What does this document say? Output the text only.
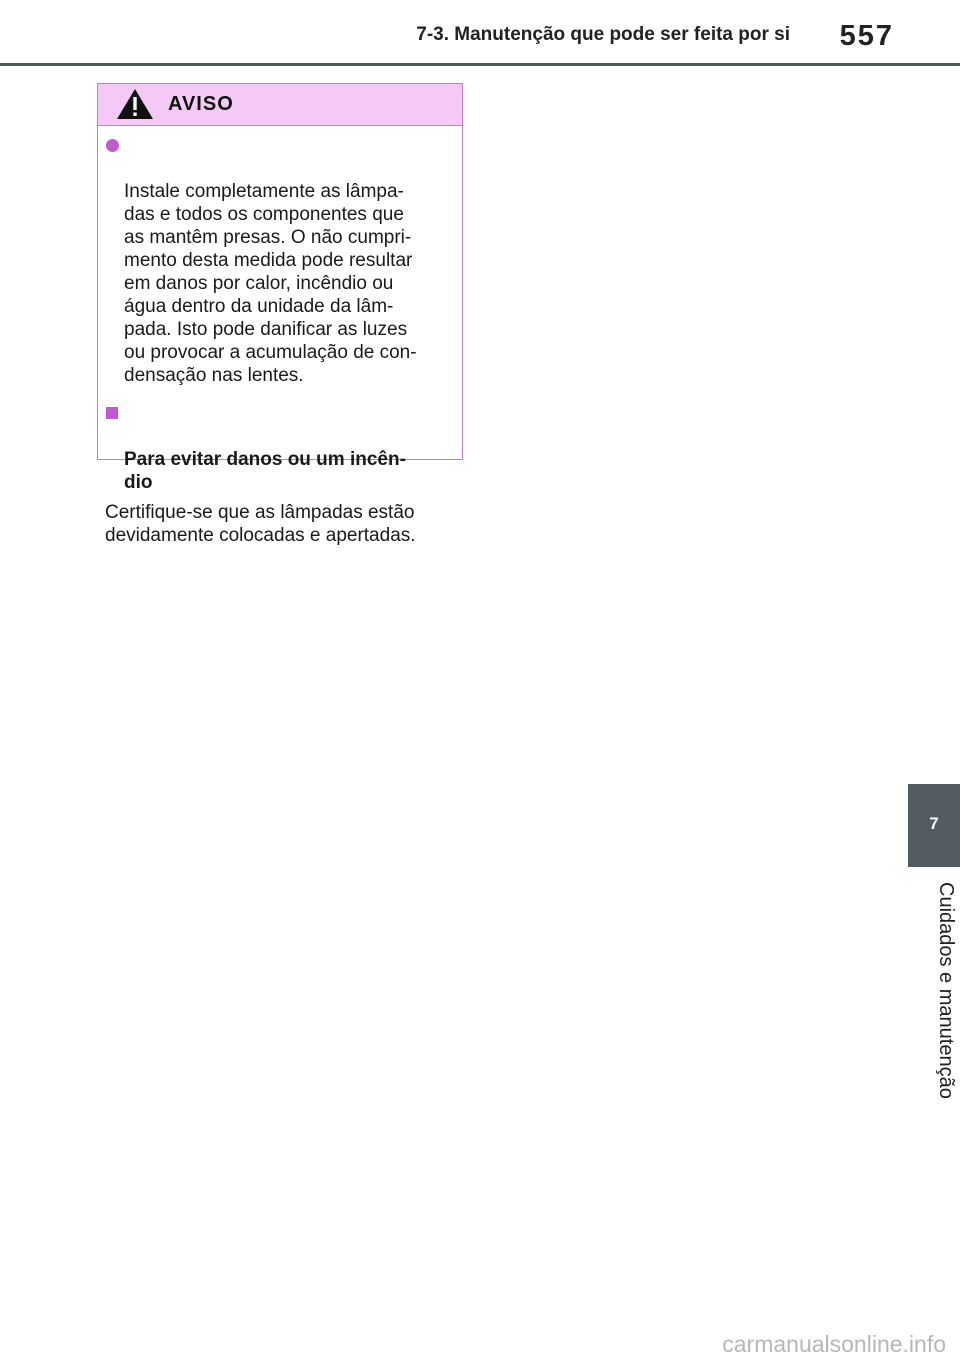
7-3. Manutenção que pode ser feita por si 557
AVISO

Instale completamente as lâmpa-
das e todos os componentes que
as mantêm presas. O não cumpri-
mento desta medida pode resultar
em danos por calor, incêndio ou
água dentro da unidade da lâm-
pada. Isto pode danificar as luzes
ou provocar a acumulação de con-
densação nas lentes.

Para evitar danos ou um incên-
dio

Certifique-se que as lâmpadas estão
devidamente colocadas e apertadas.
7
Cuidados e manutenção
carmanualsonline.info
